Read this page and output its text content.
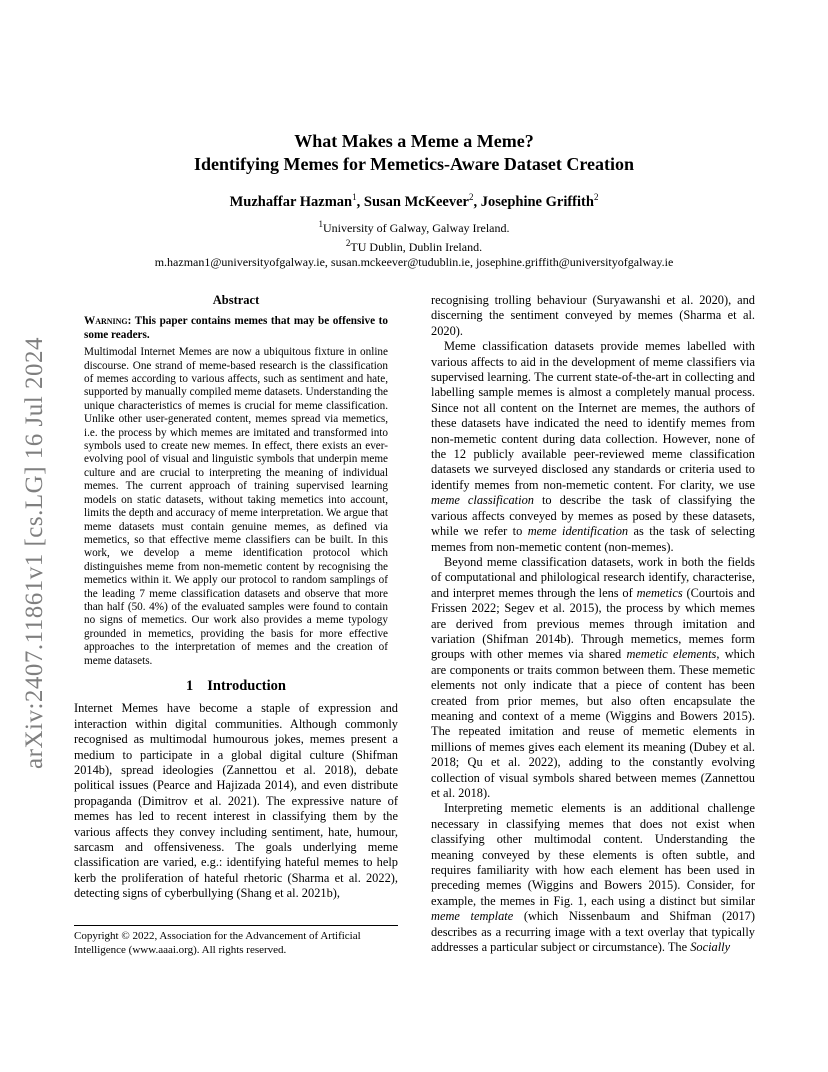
arXiv:2407.11861v1 [cs.LG] 16 Jul 2024
What Makes a Meme a Meme?
Identifying Memes for Memetics-Aware Dataset Creation
Muzhaffar Hazman$^1$, Susan McKeever$^2$, Josephine Griffith$^2$
$^1$University of Galway, Galway Ireland.
$^2$TU Dublin, Dublin Ireland.
m.hazman1@universityofgalway.ie, susan.mckeever@tudublin.ie, josephine.griffith@universityofgalway.ie
Abstract
Warning: This paper contains memes that may be offensive to some readers.

Multimodal Internet Memes are now a ubiquitous fixture in online discourse. One strand of meme-based research is the classification of memes according to various affects, such as sentiment and hate, supported by manually compiled meme datasets. Understanding the unique characteristics of memes is crucial for meme classification. Unlike other user-generated content, memes spread via memetics, i.e. the process by which memes are imitated and transformed into symbols used to create new memes. In effect, there exists an ever-evolving pool of visual and linguistic symbols that underpin meme culture and are crucial to interpreting the meaning of individual memes. The current approach of training supervised learning models on static datasets, without taking memetics into account, limits the depth and accuracy of meme interpretation. We argue that meme datasets must contain genuine memes, as defined via memetics, so that effective meme classifiers can be built. In this work, we develop a meme identification protocol which distinguishes meme from non-memetic content by recognising the memetics within it. We apply our protocol to random samplings of the leading 7 meme classification datasets and observe that more than half (50. 4%) of the evaluated samples were found to contain no signs of memetics. Our work also provides a meme typology grounded in memetics, providing the basis for more effective approaches to the interpretation of memes and the creation of meme datasets.

1 Introduction

Internet Memes have become a staple of expression and interaction within digital communities. Although commonly recognised as multimodal humourous jokes, memes present a medium to participate in a global digital culture (Shifman 2014b), spread ideologies (Zannettou et al. 2018), debate political issues (Pearce and Hajizada 2014), and even distribute propaganda (Dimitrov et al. 2021). The expressive nature of memes has led to recent interest in classifying them by the various affects they convey including sentiment, hate, humour, sarcasm and offensiveness. The goals underlying meme classification are varied, e.g.: identifying hateful memes to help kerb the proliferation of hateful rhetoric (Sharma et al. 2022), detecting signs of cyberbullying (Shang et al. 2021b),

Copyright © 2022, Association for the Advancement of Artificial Intelligence (www.aaai.org). All rights reserved.

recognising trolling behaviour (Suryawanshi et al. 2020), and discerning the sentiment conveyed by memes (Sharma et al. 2020).

Meme classification datasets provide memes labelled with various affects to aid in the development of meme classifiers via supervised learning. The current state-of-the-art in collecting and labelling sample memes is almost a completely manual process. Since not all content on the Internet are memes, the authors of these datasets have indicated the need to identify memes from non-memetic content during data collection. However, none of the 12 publicly available peer-reviewed meme classification datasets we surveyed disclosed any standards or criteria used to identify memes from non-memetic content. For clarity, we use meme classification to describe the task of classifying the various affects conveyed by memes as posed by these datasets, while we refer to meme identification as the task of selecting memes from non-memetic content (non-memes).

Beyond meme classification datasets, work in both the fields of computational and philological research identify, characterise, and interpret memes through the lens of memetics (Courtois and Frissen 2022; Segev et al. 2015), the process by which memes are derived from previous memes through imitation and variation (Shifman 2014b). Through memetics, memes form groups with other memes via shared memetic elements, which are components or traits common between them. These memetic elements not only indicate that a piece of content has been created from prior memes, but also often encapsulate the meaning and context of a meme (Wiggins and Bowers 2015). The repeated imitation and reuse of memetic elements in millions of memes gives each element its meaning (Dubey et al. 2018; Qu et al. 2022), adding to the constantly evolving collection of visual symbols shared between memes (Zannettou et al. 2018).

Interpreting memetic elements is an additional challenge necessary in classifying memes that does not exist when classifying other multimodal content. Understanding the meaning conveyed by these elements is often subtle, and requires familiarity with how each element has been used in preceding memes (Wiggins and Bowers 2015). Consider, for example, the memes in Fig. 1, each using a distinct but similar meme template (which Nissenbaum and Shifman (2017) describes as a recurring image with a text overlay that typically addresses a particular subject or circumstance). The Socially
